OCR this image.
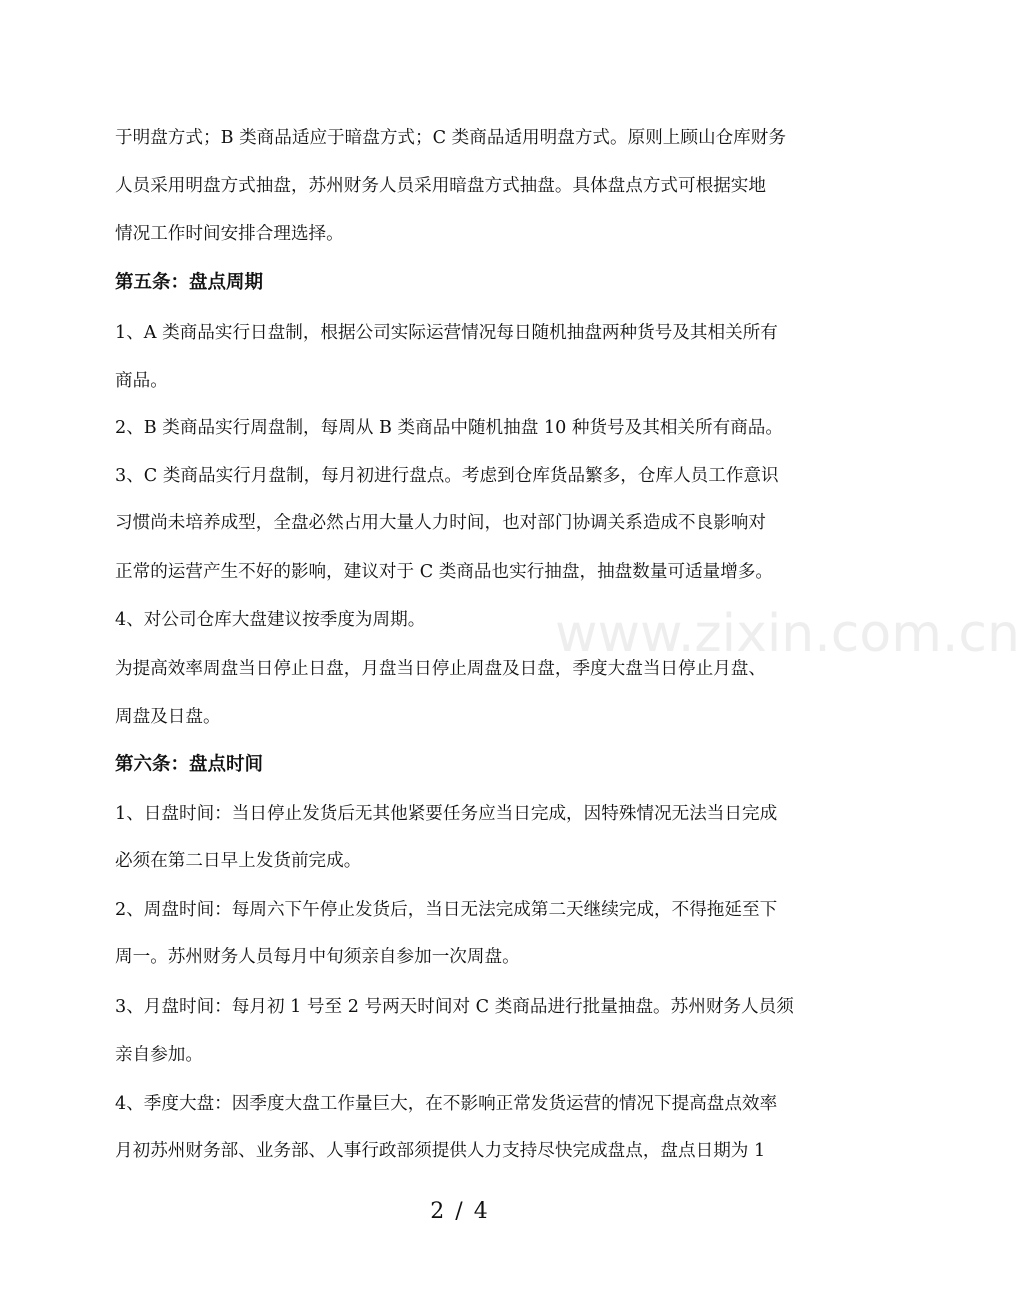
于明盘方式；B 类商品适应于暗盘方式；C 类商品适用明盘方式。原则上顾山仓库财务
人员采用明盘方式抽盘，苏州财务人员采用暗盘方式抽盘。具体盘点方式可根据实地
情况工作时间安排合理选择。
第五条：盘点周期
1、A 类商品实行日盘制，根据公司实际运营情况每日随机抽盘两种货号及其相关所有
商品。
2、B 类商品实行周盘制，每周从 B 类商品中随机抽盘 10 种货号及其相关所有商品。
3、C 类商品实行月盘制，每月初进行盘点。考虑到仓库货品繁多，仓库人员工作意识
习惯尚未培养成型，全盘必然占用大量人力时间，也对部门协调关系造成不良影响对
正常的运营产生不好的影响，建议对于 C 类商品也实行抽盘，抽盘数量可适量增多。
4、对公司仓库大盘建议按季度为周期。
为提高效率周盘当日停止日盘，月盘当日停止周盘及日盘，季度大盘当日停止月盘、
周盘及日盘。
第六条：盘点时间
1、日盘时间：当日停止发货后无其他紧要任务应当日完成，因特殊情况无法当日完成
必须在第二日早上发货前完成。
2、周盘时间：每周六下午停止发货后，当日无法完成第二天继续完成，不得拖延至下
周一。苏州财务人员每月中旬须亲自参加一次周盘。
3、月盘时间：每月初 1 号至 2 号两天时间对 C 类商品进行批量抽盘。苏州财务人员须
亲自参加。
4、季度大盘：因季度大盘工作量巨大，在不影响正常发货运营的情况下提高盘点效率
月初苏州财务部、业务部、人事行政部须提供人力支持尽快完成盘点，盘点日期为 1
www.zixin.com.cn
2 / 4
